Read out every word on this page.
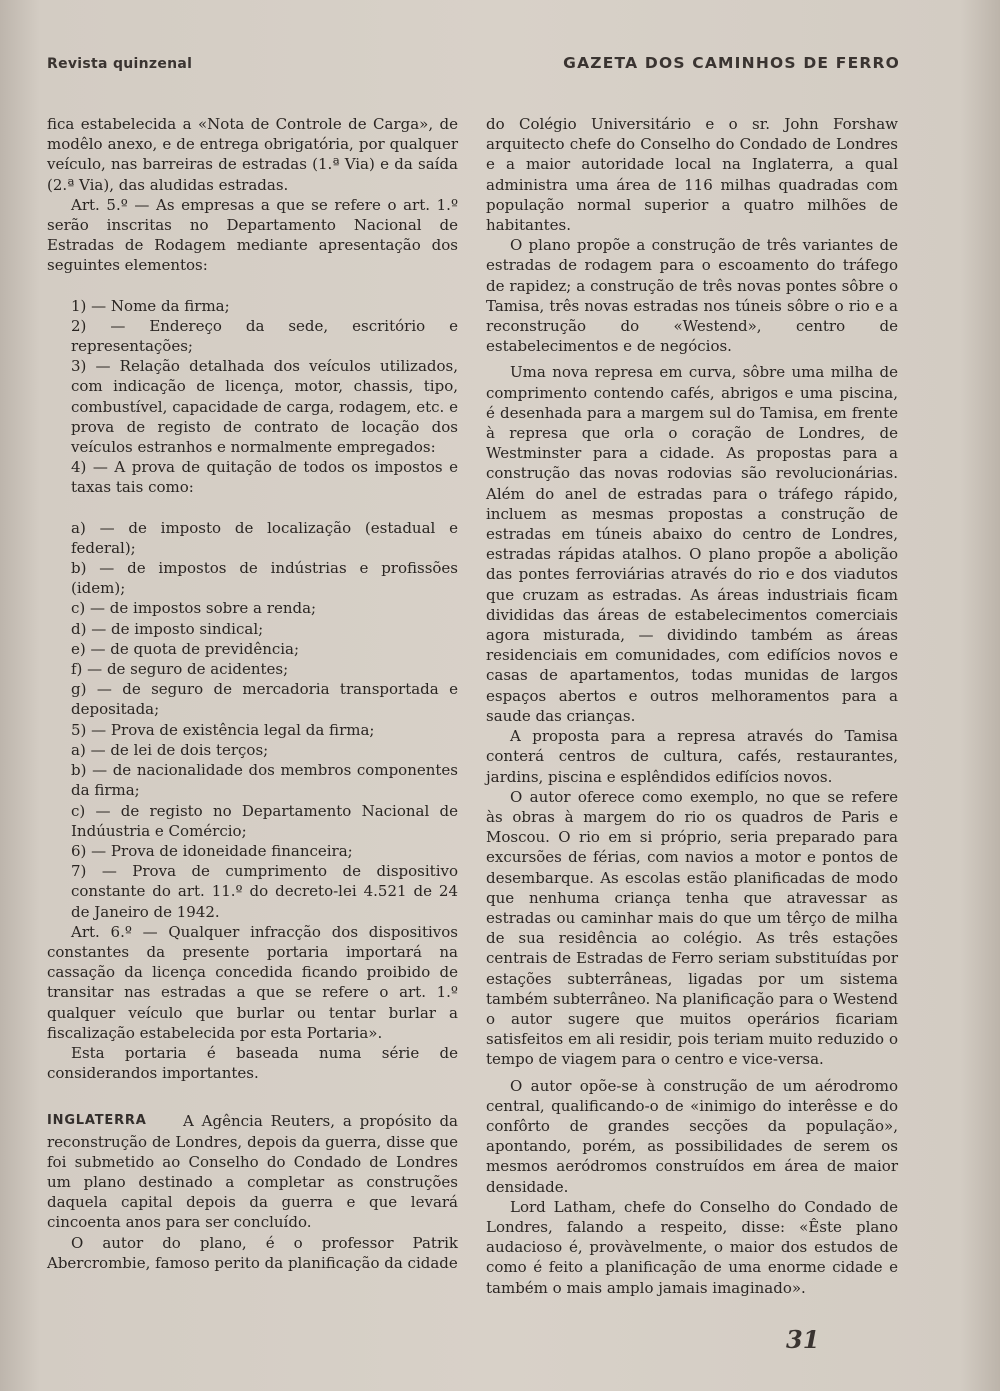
Revista quinzenal	GAZETA DOS CAMINHOS DE FERRO

fica estabelecida a «Nota de Controle de Carga», de modêlo anexo, e de entrega obrigatória, por qualquer veículo, nas barreiras de estradas (1.ª Via) e da saída (2.ª Via), das aludidas estradas.

Art. 5.º — As empresas a que se refere o art. 1.º serão inscritas no Departamento Nacional de Estradas de Rodagem mediante apresentação dos seguintes elementos:

1) — Nome da firma;

2) — Endereço da sede, escritório e representações;

3) — Relação detalhada dos veículos utilizados, com indicação de licença, motor, chassis, tipo, combustível, capacidade de carga, rodagem, etc. e prova de registo de contrato de locação dos veículos estranhos e normalmente empregados:

4) — A prova de quitação de todos os impostos e taxas tais como:

a) — de imposto de localização (estadual e federal);

b) — de impostos de indústrias e profissões (idem);

c) — de impostos sobre a renda;

d) — de imposto sindical;

e) — de quota de previdência;

f) — de seguro de acidentes;

g) — de seguro de mercadoria transportada e depositada;

5) — Prova de existência legal da firma;

a) — de lei de dois terços;

b) — de nacionalidade dos membros componentes da firma;

c) — de registo no Departamento Nacional de Indúustria e Comércio;

6) — Prova de idoneidade financeira;

7) — Prova de cumprimento de dispositivo constante do art. 11.º do decreto-lei 4.521 de 24 de Janeiro de 1942.

Art. 6.º — Qualquer infracção dos dispositivos constantes da presente portaria importará na cassação da licença concedida ficando proibido de transitar nas estradas a que se refere o art. 1.º qualquer veículo que burlar ou tentar burlar a fiscalização estabelecida por esta Portaria».

Esta portaria é baseada numa série de considerandos importantes.

INGLATERRA	A Agência Reuters, a propósito da reconstrução de Londres, depois da guerra, disse que foi submetido ao Conselho do Condado de Londres um plano destinado a completar as construções daquela capital depois da guerra e que levará cincoenta anos para ser concluído.

O autor do plano, é o professor Patrik Abercrombie, famoso perito da planificação da cidade

do Colégio Universitário e o sr. John Forshaw arquitecto chefe do Conselho do Condado de Londres e a maior autoridade local na Inglaterra, a qual administra uma área de 116 milhas quadradas com população normal superior a quatro milhões de habitantes.

O plano propõe a construção de três variantes de estradas de rodagem para o escoamento do tráfego de rapidez; a construção de três novas pontes sôbre o Tamisa, três novas estradas nos túneis sôbre o rio e a reconstrução do «Westend», centro de estabelecimentos e de negócios.

Uma nova represa em curva, sôbre uma milha de comprimento contendo cafés, abrigos e uma piscina, é desenhada para a margem sul do Tamisa, em frente à represa que orla o coração de Londres, de Westminster para a cidade. As propostas para a construção das novas rodovias são revolucionárias. Além do anel de estradas para o tráfego rápido, incluem as mesmas propostas a construção de estradas em túneis abaixo do centro de Londres, estradas rápidas atalhos. O plano propõe a abolição das pontes ferroviárias através do rio e dos viadutos que cruzam as estradas. As áreas industriais ficam divididas das áreas de estabelecimentos comerciais agora misturada, — dividindo também as áreas residenciais em comunidades, com edifícios novos e casas de apartamentos, todas munidas de largos espaços abertos e outros melhoramentos para a saude das crianças.

A proposta para a represa através do Tamisa conterá centros de cultura, cafés, restaurantes, jardins, piscina e esplêndidos edifícios novos.

O autor oferece como exemplo, no que se refere às obras à margem do rio os quadros de Paris e Moscou. O rio em si próprio, seria preparado para excursões de férias, com navios a motor e pontos de desembarque. As escolas estão planificadas de modo que nenhuma criança tenha que atravessar as estradas ou caminhar mais do que um têrço de milha de sua residência ao colégio. As três estações centrais de Estradas de Ferro seriam substituídas por estações subterrâneas, ligadas por um sistema também subterrâneo. Na planificação para o Westend o autor sugere que muitos operários ficariam satisfeitos em ali residir, pois teriam muito reduzido o tempo de viagem para o centro e vice-versa.

O autor opõe-se à construção de um aérodromo central, qualificando-o de «inimigo do interêsse e do confôrto de grandes secções da população», apontando, porém, as possibilidades de serem os mesmos aeródromos construídos em área de maior densidade.

Lord Latham, chefe do Conselho do Condado de Londres, falando a respeito, disse: «Êste plano audacioso é, provàvelmente, o maior dos estudos de como é feito a planificação de uma enorme cidade e também o mais amplo jamais imaginado».

31
